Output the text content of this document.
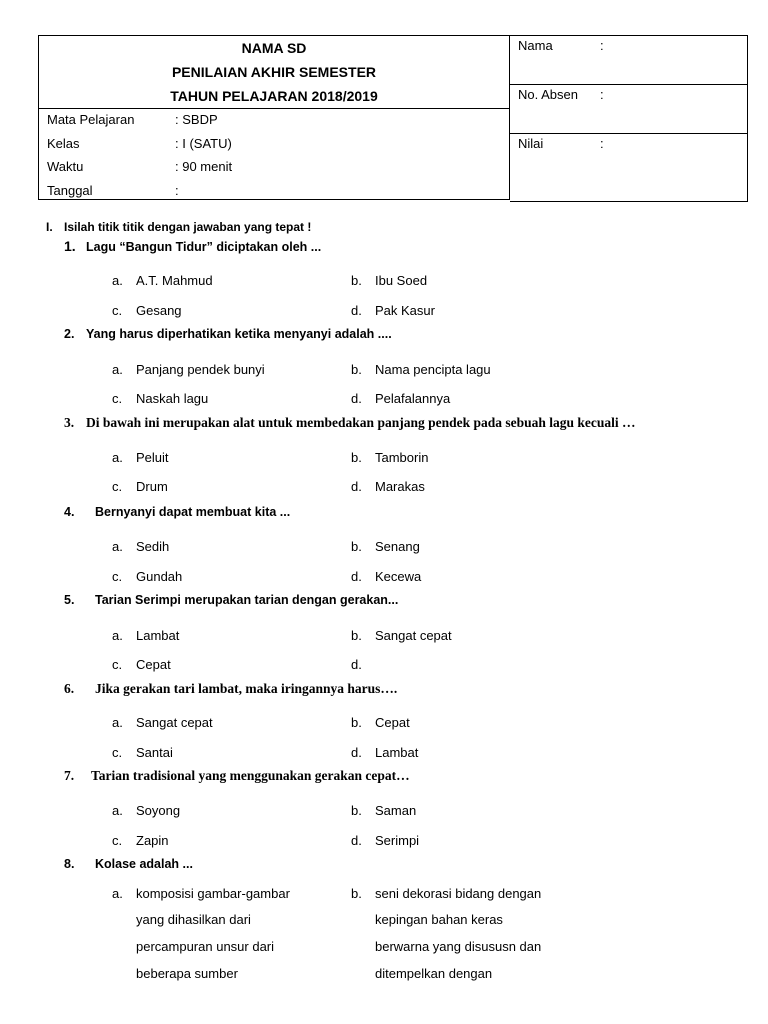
NAMA SD
PENILAIAN AKHIR SEMESTER
TAHUN PELAJARAN 2018/2019
Mata Pelajaran	: SBDP
Kelas	: I (SATU)
Waktu	: 90 menit
Tanggal	:
Nama	:
No. Absen :
Nilai	:
I. Isilah titik titik dengan jawaban yang tepat !
1. Lagu “Bangun Tidur” diciptakan oleh ...
a. A.T. Mahmud	b. Ibu Soed
c. Gesang	d. Pak Kasur
2. Yang harus diperhatikan ketika menyanyi adalah ....
a. Panjang pendek bunyi	b. Nama pencipta lagu
c. Naskah lagu	d. Pelafalannya
3. Di bawah ini merupakan alat untuk membedakan panjang pendek pada sebuah lagu kecuali …
a. Peluit	b. Tamborin
c. Drum	d. Marakas
4. Bernyanyi dapat membuat kita ...
a. Sedih	b. Senang
c. Gundah	d. Kecewa
5. Tarian Serimpi merupakan tarian dengan gerakan...
a. Lambat	b. Sangat cepat
c. Cepat	d.
6. Jika gerakan tari lambat, maka iringannya harus….
a. Sangat cepat	b. Cepat
c. Santai	d. Lambat
7. Tarian tradisional yang menggunakan gerakan cepat…
a. Soyong	b. Saman
c. Zapin	d. Serimpi
8. Kolase adalah ...
a. komposisi gambar-gambar
yang dihasilkan dari
percampuran unsur dari
beberapa sumber
b. seni dekorasi bidang dengan
kepingan bahan keras
berwarna yang disususn dan
ditempelkan dengan
